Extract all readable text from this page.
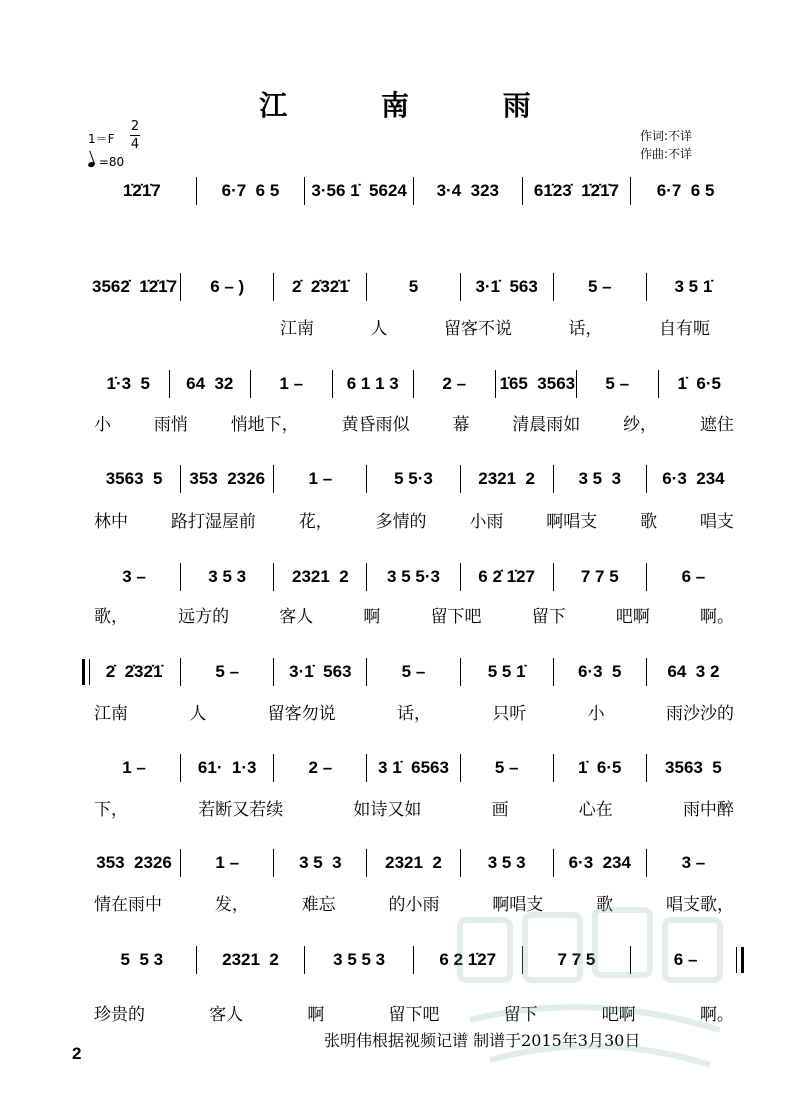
江 南 雨
1＝F
2
4
=80
作词:不详
作曲:不详
1̇2̇1̇7	6·7  6 5	3·56 1̇  5624	3·4  323	61̇23̇  1̇2̇1̇7	6·7  6 5
3562̇  1̇2̇1̇7	6 – )	2̇  2̇32̇1̇	5	3·1̇  563	5 –	3 5 1̇
江南	人	留客不说	话，	自有呃
1̇·3  5	64  32	1 –	6 1 1 3	2 –	1̇65  3563	5 –	1̇  6·5
小	雨悄	悄地下，	黄昏雨似	幕	清晨雨如	纱，	遮住
3563  5	353  2326	1 –	5 5·3	2321  2	3 5  3	6·3  234
林中	路打湿屋前	花，	多情的	小雨	啊唱支	歌	唱支
3 –	3 5 3	2321  2	3 5 5·3	6 2̇ 1̇27	7 7 5	6 –
歌，	远方的	客人	啊	留下吧	留下	吧啊	啊。
2̇  2̇32̇1̇	5 –	3·1̇  563	5 –	5 5 1̇	6·3  5	64  3 2
江南	人	留客勿说	话，	只听	小	雨沙沙的
1 –	61·  1·3	2 –	3 1̇  6563	5 –	1̇  6·5	3563  5
下，	若断又若续	如诗又如	画	心在	雨中醉
353  2326	1 –	3 5  3	2321  2	3 5 3	6·3  234	3 –
情在雨中	发，	难忘	的小雨	啊唱支	歌	唱支歌，
5  5 3	2321  2	3 5 5 3	6 2 1̇27	7 7 5	6 –
珍贵的	客人	啊	留下吧	留下	吧啊	啊。
张明伟根据视频记谱 制谱于2015年3月30日
2
